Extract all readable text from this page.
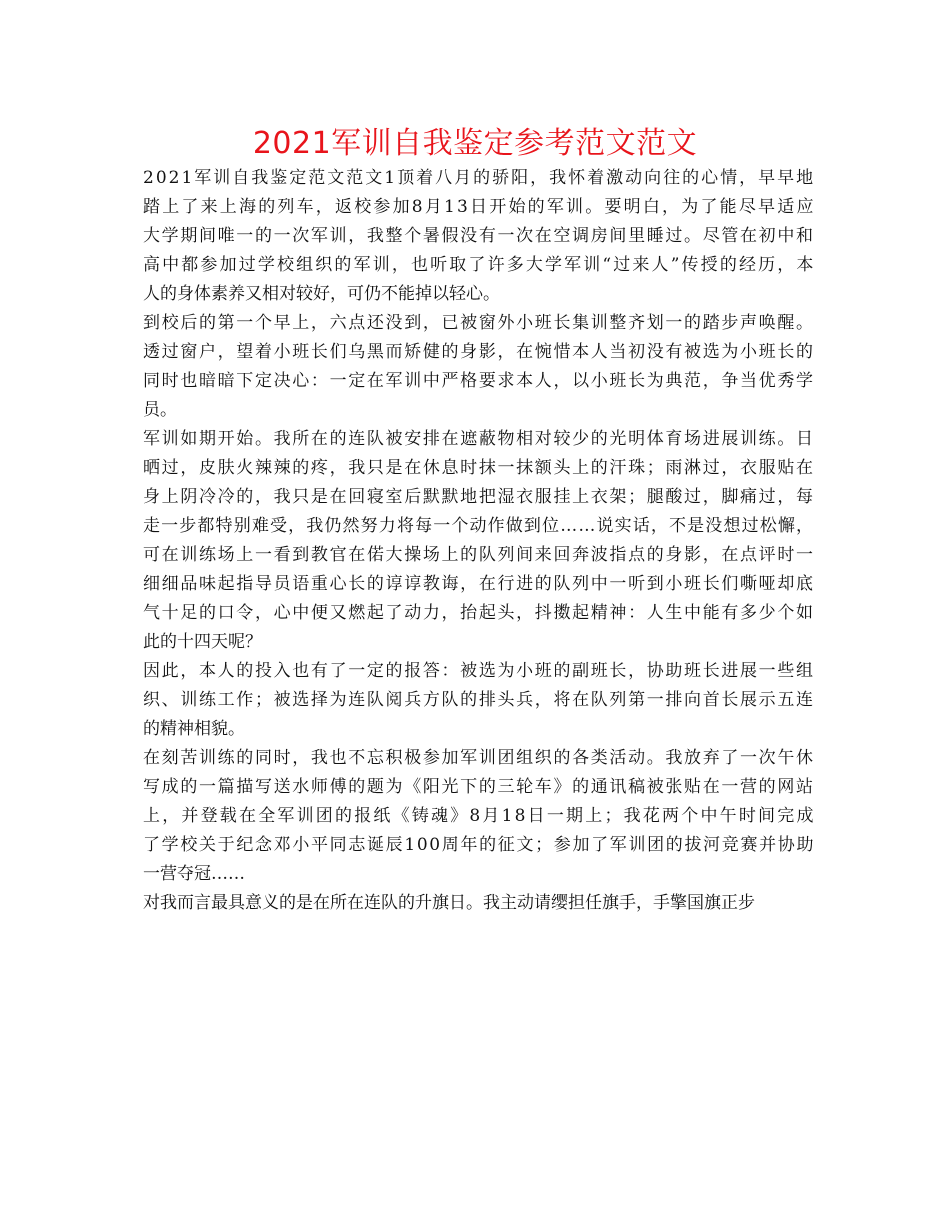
2021军训自我鉴定参考范文范文
2021军训自我鉴定范文范文1顶着八月的骄阳，我怀着激动向往的心情，早早地
踏上了来上海的列车，返校参加8月13日开始的军训。要明白，为了能尽早适应
大学期间唯一的一次军训，我整个暑假没有一次在空调房间里睡过。尽管在初中和
高中都参加过学校组织的军训，也听取了许多大学军训“过来人”传授的经历，本
人的身体素养又相对较好，可仍不能掉以轻心。
到校后的第一个早上，六点还没到，已被窗外小班长集训整齐划一的踏步声唤醒。
透过窗户，望着小班长们乌黑而矫健的身影，在惋惜本人当初没有被选为小班长的
同时也暗暗下定决心：一定在军训中严格要求本人，以小班长为典范，争当优秀学
员。
军训如期开始。我所在的连队被安排在遮蔽物相对较少的光明体育场进展训练。日
晒过，皮肤火辣辣的疼，我只是在休息时抹一抹额头上的汗珠；雨淋过，衣服贴在
身上阴冷冷的，我只是在回寝室后默默地把湿衣服挂上衣架；腿酸过，脚痛过，每
走一步都特别难受，我仍然努力将每一个动作做到位……说实话，不是没想过松懈，
可在训练场上一看到教官在偌大操场上的队列间来回奔波指点的身影，在点评时一
细细品味起指导员语重心长的谆谆教诲，在行进的队列中一听到小班长们嘶哑却底
气十足的口令，心中便又燃起了动力，抬起头，抖擞起精神：人生中能有多少个如
此的十四天呢？
因此，本人的投入也有了一定的报答：被选为小班的副班长，协助班长进展一些组
织、训练工作；被选择为连队阅兵方队的排头兵，将在队列第一排向首长展示五连
的精神相貌。
在刻苦训练的同时，我也不忘积极参加军训团组织的各类活动。我放弃了一次午休
写成的一篇描写送水师傅的题为《阳光下的三轮车》的通讯稿被张贴在一营的网站
上，并登载在全军训团的报纸《铸魂》8月18日一期上；我花两个中午时间完成
了学校关于纪念邓小平同志诞辰100周年的征文；参加了军训团的拔河竞赛并协助
一营夺冠……
对我而言最具意义的是在所在连队的升旗日。我主动请缨担任旗手，手擎国旗正步
